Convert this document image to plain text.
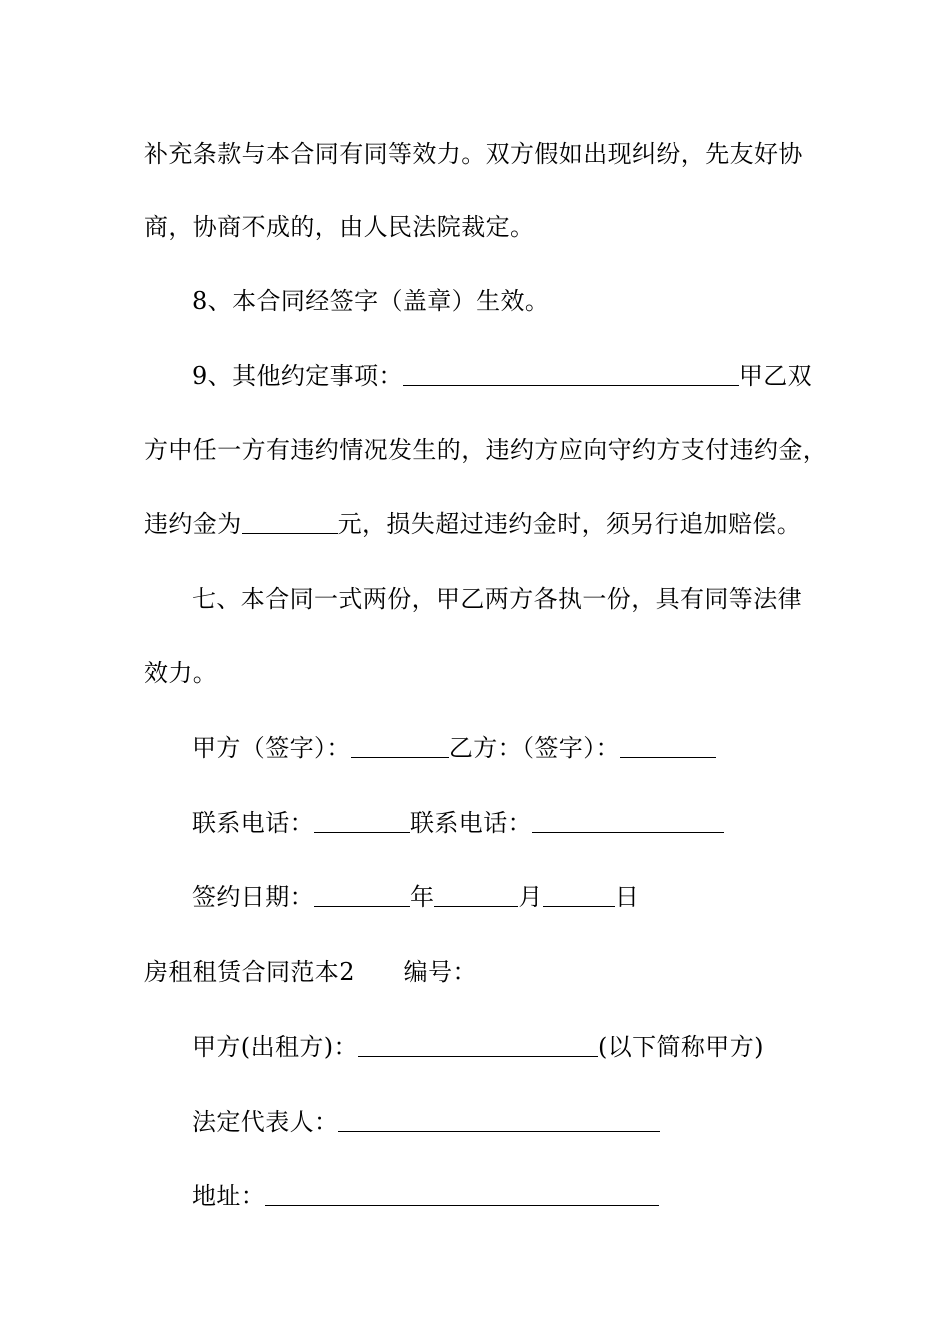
补充条款与本合同有同等效力。双方假如出现纠纷，先友好协
商，协商不成的，由人民法院裁定。
8、本合同经签字（盖章）生效。
9、其他约定事项：	甲乙双
方中任一方有违约情况发生的，违约方应向守约方支付违约金，
违约金为	元，损失超过违约金时，须另行追加赔偿。
七、本合同一式两份，甲乙两方各执一份，具有同等法律
效力。
甲方（签字）：	乙方：（签字）：
联系电话：	联系电话：
签约日期：	年	月	日
房租租赁合同范本2　　编号：
甲方(出租方)：	(以下简称甲方)
法定代表人：
地址：
